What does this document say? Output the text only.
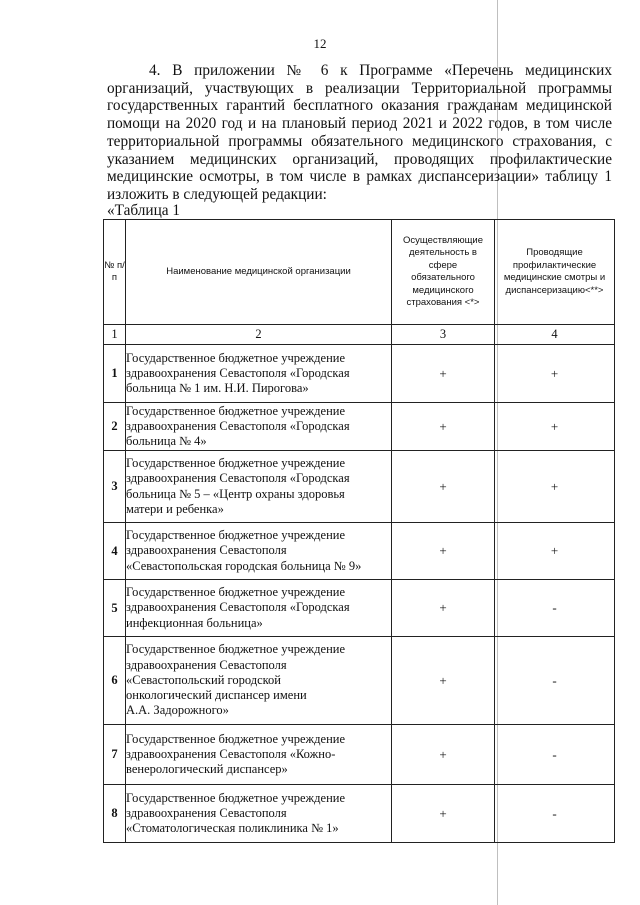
12

4. В приложении № 6 к Программе «Перечень медицинских организаций, участвующих в реализации Территориальной программы государственных гарантий бесплатного оказания гражданам медицинской помощи на 2020 год и на плановый период 2021 и 2022 годов, в том числе территориальной программы обязательного медицинского страхования, с указанием медицинских организаций, проводящих профилактические медицинские осмотры, в том числе в рамках диспансеризации» таблицу 1 изложить в следующей редакции:

«Таблица 1
№ п/п	Наименование медицинской организации	Осуществляющие деятельность в сфере обязательного медицинского страхования <*>	Проводящие профилактические медицинские смотры и диспансеризацию<**>
1	2	3	4
1	Государственное бюджетное учреждение
здравоохранения Севастополя «Городская
больница № 1 им. Н.И. Пирогова»	+	+
2	Государственное бюджетное учреждение
здравоохранения Севастополя «Городская
больница № 4»	+	+
3	Государственное бюджетное учреждение
здравоохранения Севастополя «Городская
больница № 5 – «Центр охраны здоровья
матери и ребенка»	+	+
4	Государственное бюджетное учреждение
здравоохранения Севастополя
«Севастопольская городская больница № 9»	+	+
5	Государственное бюджетное учреждение
здравоохранения Севастополя «Городская
инфекционная больница»	+	-
6	Государственное бюджетное учреждение
здравоохранения Севастополя
«Севастопольский городской
онкологический диспансер имени
А.А. Задорожного»	+	-
7	Государственное бюджетное учреждение
здравоохранения Севастополя «Кожно-
венерологический диспансер»	+	-
8	Государственное бюджетное учреждение
здравоохранения Севастополя
«Стоматологическая поликлиника № 1»	+	-
